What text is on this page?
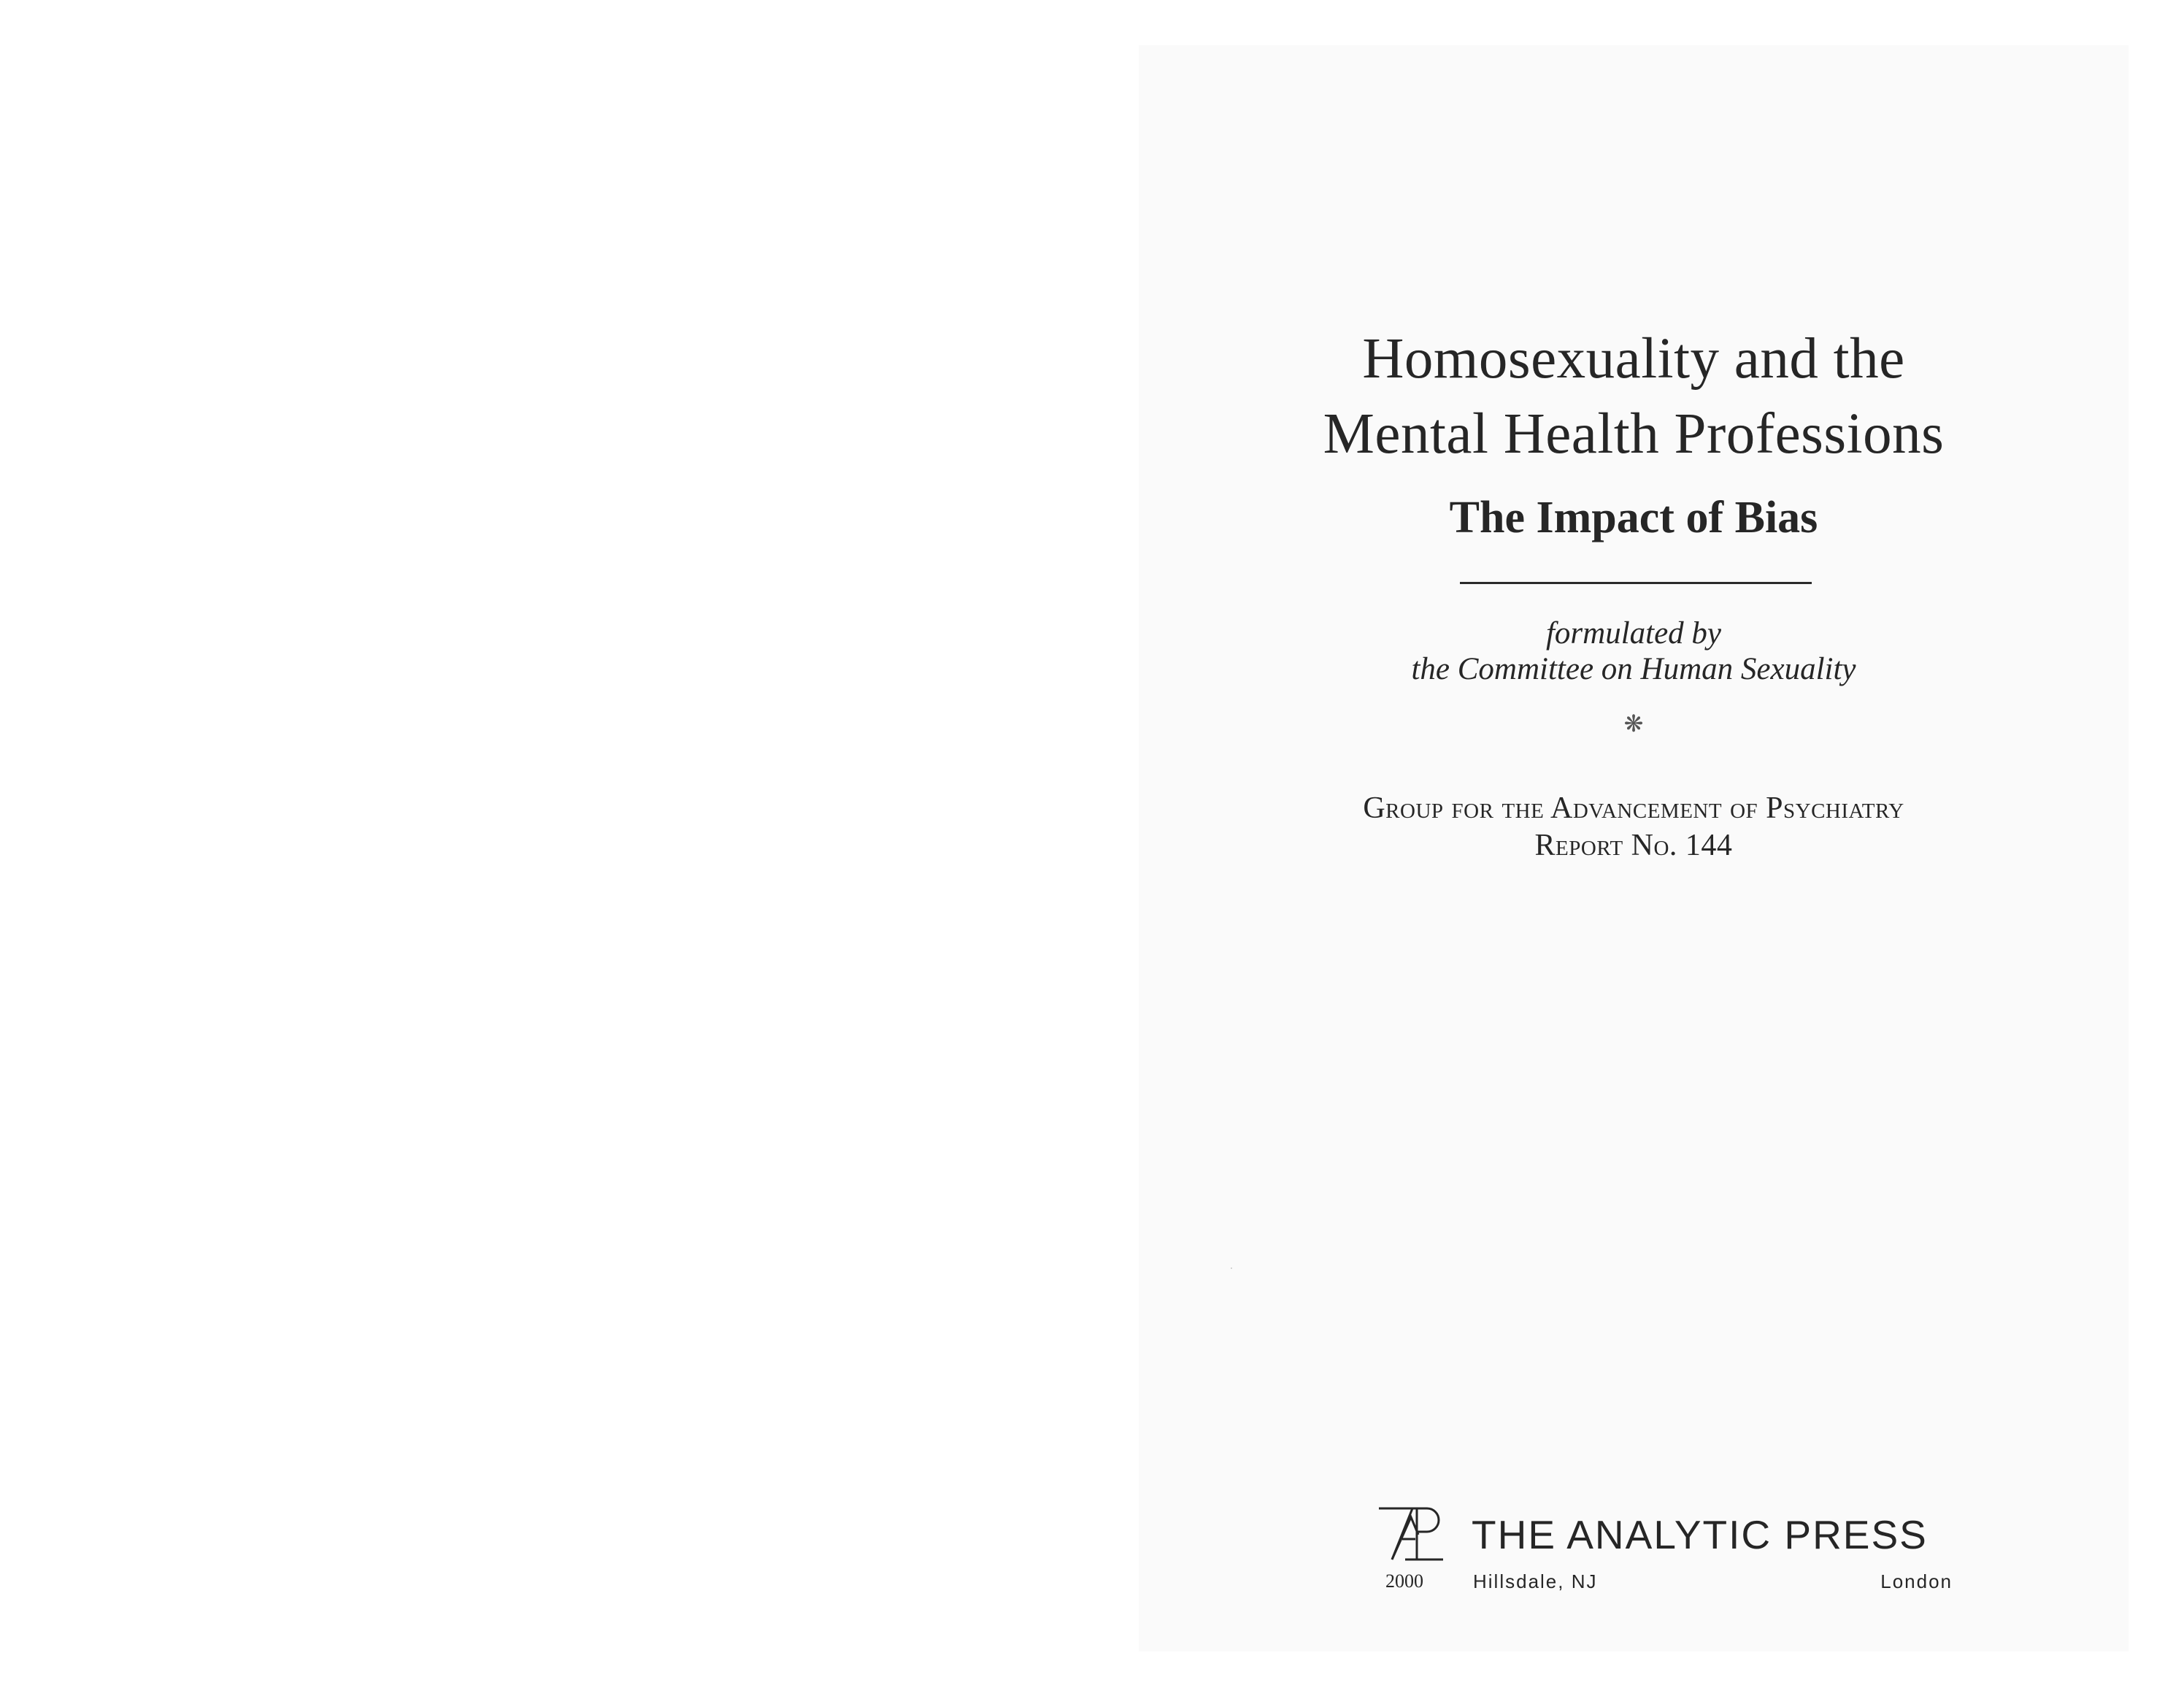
Homosexuality and the
Mental Health Professions
The Impact of Bias
formulated by
the Committee on Human Sexuality
❋
Group for the Advancement of Psychiatry
Report No. 144
THE ANALYTIC PRESS
2000	Hillsdale, NJ	London
